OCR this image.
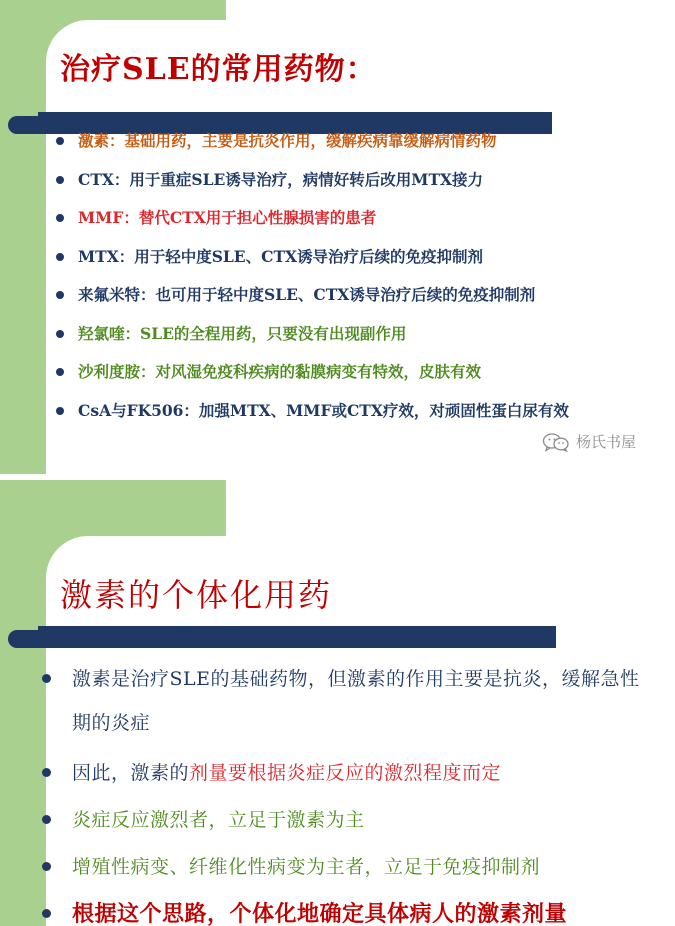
治疗SLE的常用药物：
激素：基础用药，主要是抗炎作用，缓解疾病靠缓解病情药物
CTX：用于重症SLE诱导治疗，病情好转后改用MTX接力
MMF：替代CTX用于担心性腺损害的患者
MTX：用于轻中度SLE、CTX诱导治疗后续的免疫抑制剂
来氟米特：也可用于轻中度SLE、CTX诱导治疗后续的免疫抑制剂
羟氯喹：SLE的全程用药，只要没有出现副作用
沙利度胺：对风湿免疫科疾病的黏膜病变有特效，皮肤有效
CsA与FK506：加强MTX、MMF或CTX疗效，对顽固性蛋白尿有效
杨氏书屋
激素的个体化用药
激素是治疗SLE的基础药物，但激素的作用主要是抗炎，缓解急性期的炎症
因此，激素的剂量要根据炎症反应的激烈程度而定
炎症反应激烈者，立足于激素为主
增殖性病变、纤维化性病变为主者，立足于免疫抑制剂
根据这个思路，个体化地确定具体病人的激素剂量
